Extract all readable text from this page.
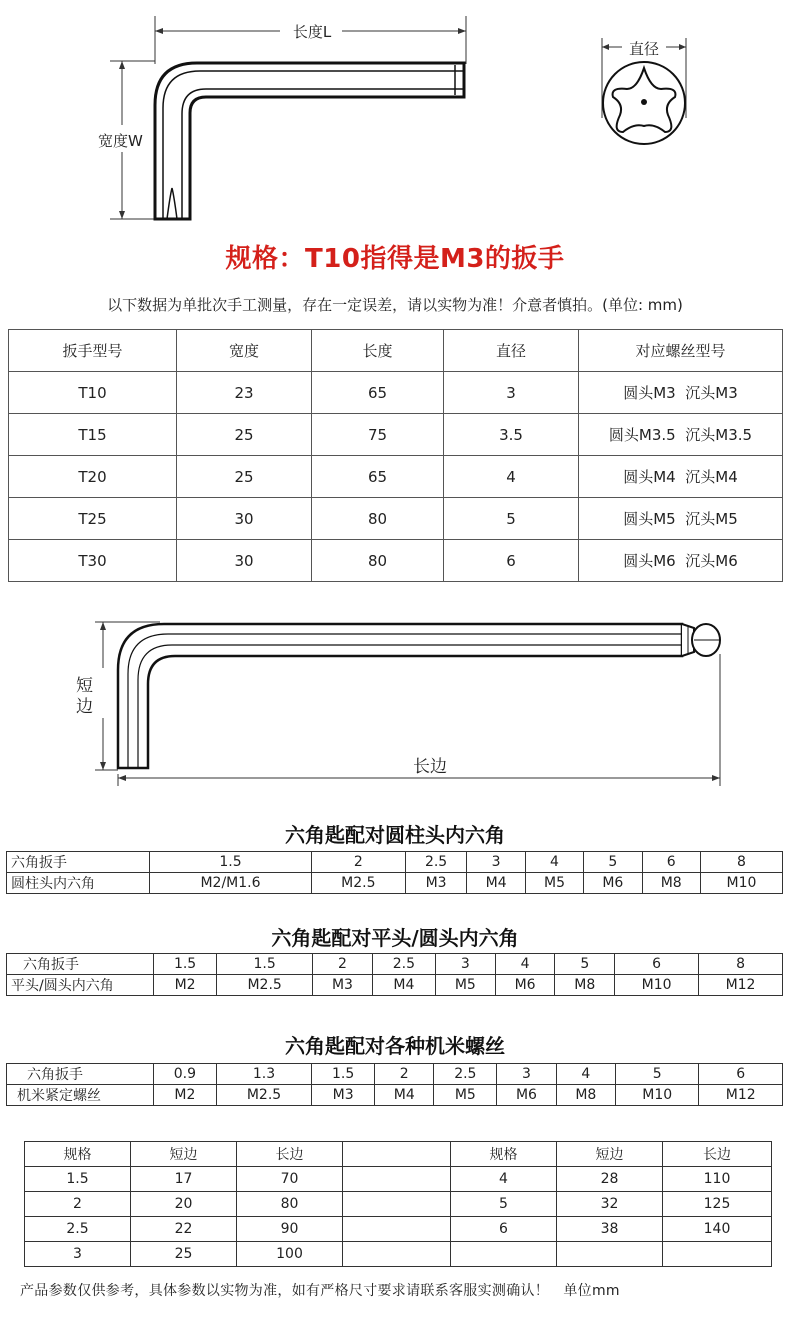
长度L
宽度W
直径
规格：T10指得是M3的扳手
以下数据为单批次手工测量，存在一定误差，请以实物为准！介意者慎拍。(单位: mm)
扳手型号	宽度	长度	直径	对应螺丝型号
T10	23	65	3	圆头M3  沉头M3
T15	25	75	3.5	圆头M3.5  沉头M3.5
T20	25	65	4	圆头M4  沉头M4
T25	30	80	5	圆头M5  沉头M5
T30	30	80	6	圆头M6  沉头M6
短
边
长边
六角匙配对圆柱头内六角
六角扳手	1.5	2	2.5	3	4	5	6	8
圆柱头内六角	M2/M1.6	M2.5	M3	M4	M5	M6	M8	M10
六角匙配对平头/圆头内六角
六角扳手	1.5	1.5	2	2.5	3	4	5	6	8
平头/圆头内六角	M2	M2.5	M3	M4	M5	M6	M8	M10	M12
六角匙配对各种机米螺丝
六角扳手	0.9	1.3	1.5	2	2.5	3	4	5	6
机米紧定螺丝	M2	M2.5	M3	M4	M5	M6	M8	M10	M12
规格	短边	长边		规格	短边	长边
1.5	17	70		4	28	110
2	20	80		5	32	125
2.5	22	90		6	38	140
3	25	100				
产品参数仅供参考，具体参数以实物为准，如有严格尺寸要求请联系客服实测确认！   单位mm
